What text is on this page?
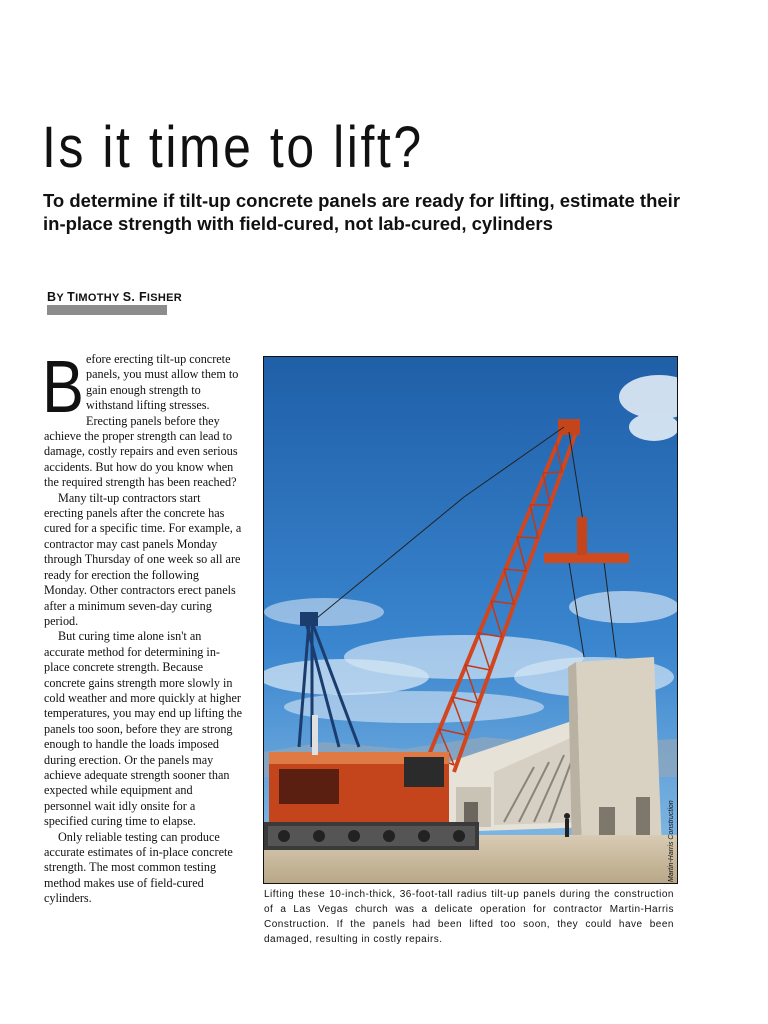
Is it time to lift?
To determine if tilt-up concrete panels are ready for lifting, estimate their in-place strength with field-cured, not lab-cured, cylinders
BY TIMOTHY S. FISHER
B efore erecting tilt-up concrete panels, you must allow them to gain enough strength to withstand lifting stresses. Erecting panels before they achieve the proper strength can lead to damage, costly repairs and even serious accidents. But how do you know when the required strength has been reached?

Many tilt-up contractors start erecting panels after the concrete has cured for a specific time. For example, a contractor may cast panels Monday through Thursday of one week so all are ready for erection the following Monday. Other contractors erect panels after a minimum seven-day curing period.

But curing time alone isn't an accurate method for determining in-place concrete strength. Because concrete gains strength more slowly in cold weather and more quickly at higher temperatures, you may end up lifting the panels too soon, before they are strong enough to handle the loads imposed during erection. Or the panels may achieve adequate strength sooner than expected while equipment and personnel wait idly onsite for a specified curing time to elapse.

Only reliable testing can produce accurate estimates of in-place concrete strength. The most common testing method makes use of field-cured cylinders.

Martin-Harris Construction
Lifting these 10-inch-thick, 36-foot-tall radius tilt-up panels during the construction of a Las Vegas church was a delicate operation for contractor Martin-Harris Construction. If the panels had been lifted too soon, they could have been damaged, resulting in costly repairs.
